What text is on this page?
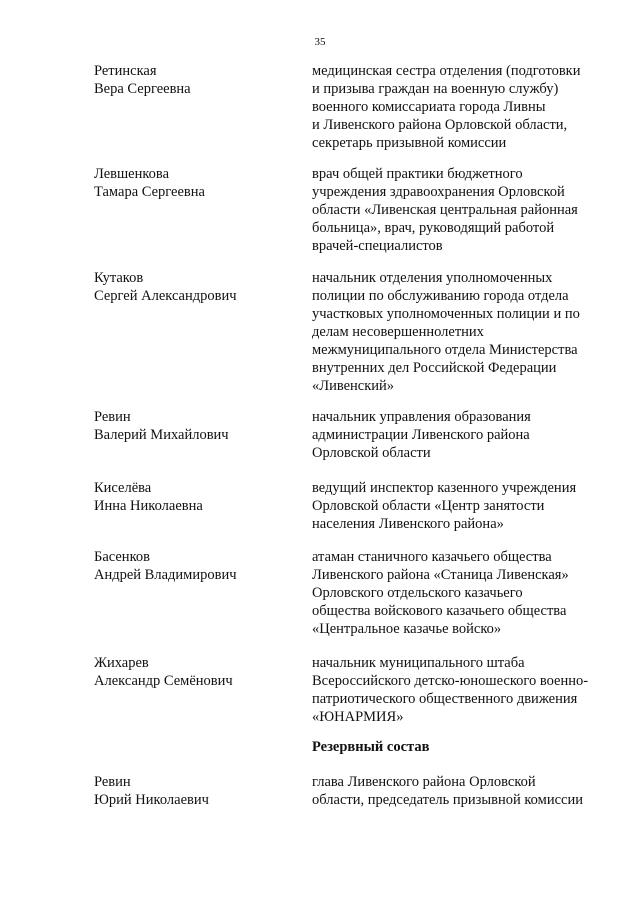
35
Ретинская
Вера Сергеевна
медицинская сестра отделения (подготовки
и призыва граждан на военную службу)
военного комиссариата города Ливны
и Ливенского района Орловской области,
секретарь призывной комиссии
Левшенкова
Тамара Сергеевна
врач общей практики бюджетного
учреждения здравоохранения Орловской
области «Ливенская центральная районная
больница», врач, руководящий работой
врачей-специалистов
Кутаков
Сергей Александрович
начальник отделения уполномоченных
полиции по обслуживанию города отдела
участковых уполномоченных полиции и по
делам несовершеннолетних
межмуниципального отдела Министерства
внутренних дел Российской Федерации
«Ливенский»
Ревин
Валерий Михайлович
начальник управления образования
администрации Ливенского района
Орловской области
Киселёва
Инна Николаевна
ведущий инспектор казенного учреждения
Орловской области «Центр занятости
населения Ливенского района»
Басенков
Андрей Владимирович
атаман станичного казачьего общества
Ливенского района «Станица Ливенская»
Орловского отдельского казачьего
общества войскового казачьего общества
«Центральное казачье войско»
Жихарев
Александр Семёнович
начальник муниципального штаба
Всероссийского детско-юношеского военно-
патриотического общественного движения
«ЮНАРМИЯ»
Резервный состав
Ревин
Юрий Николаевич
глава Ливенского района Орловской
области, председатель призывной комиссии
